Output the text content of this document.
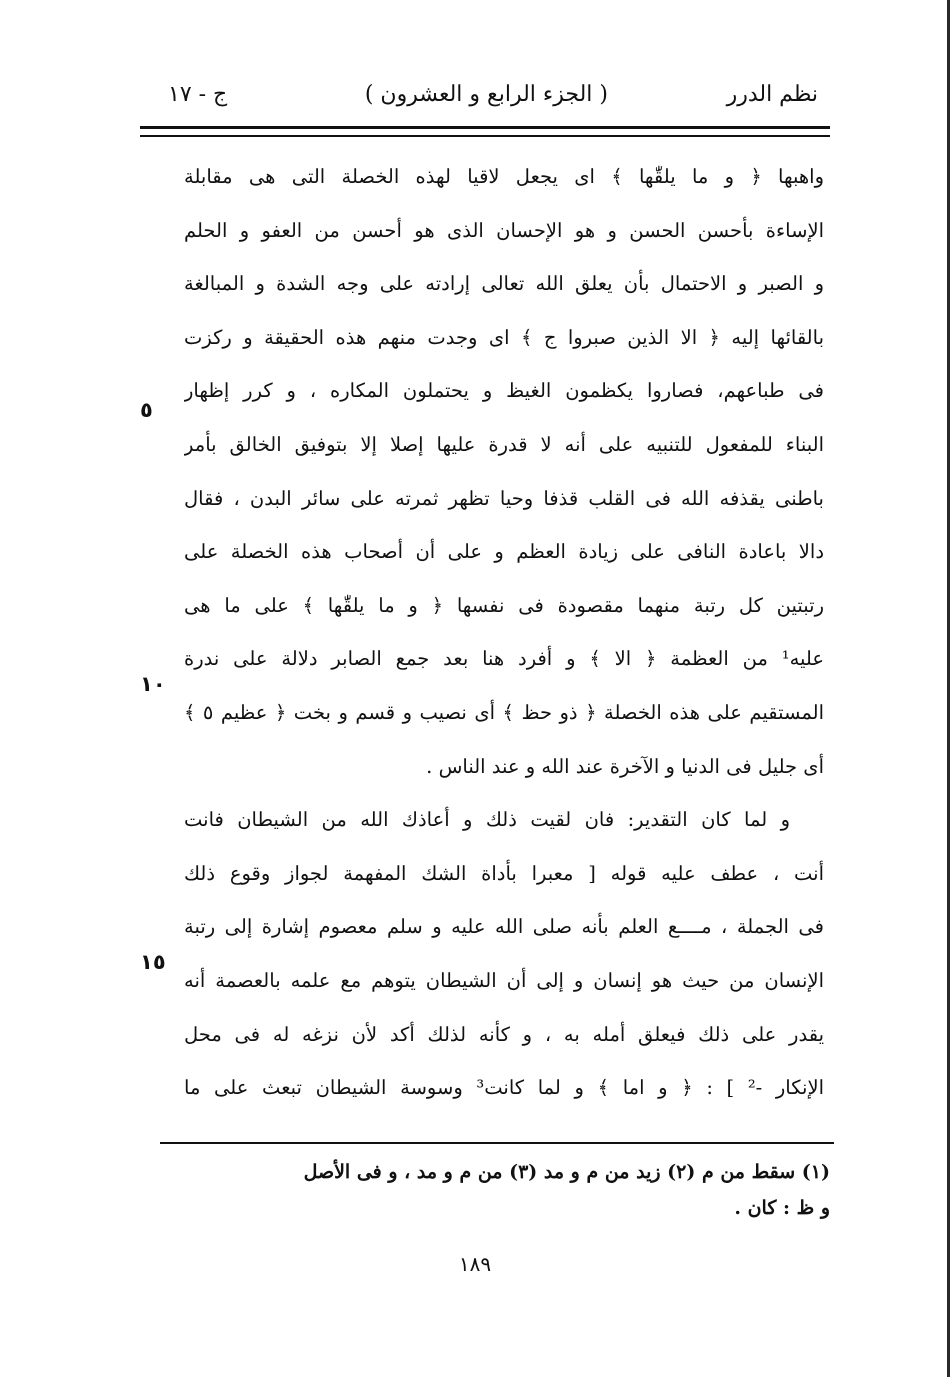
نظم الدرر
( الجزء الرابع و العشرون )
ج - ١٧
واهبها ﴿ و ما يلقّٰها ﴾ اى يجعل لاقيا لهذه الخصلة التى هى مقابلة
الإساءة بأحسن الحسن و هو الإحسان الذى هو أحسن من العفو و الحلم
و الصبر و الاحتمال بأن يعلق الله تعالى إرادته على وجه الشدة و المبالغة
بالقائها إليه ﴿ الا الذين صبروا ج ﴾ اى وجدت منهم هذه الحقيقة و ركزت
فى طباعهم، فصاروا يكظمون الغيظ و يحتملون المكاره ، و كرر إظهار
البناء للمفعول للتنبيه على أنه لا قدرة عليها إصلا إلا بتوفيق الخالق بأمر
باطنى يقذفه الله فى القلب قذفا وحيا تظهر ثمرته على سائر البدن ، فقال
دالا باعادة النافى على زيادة العظم و على أن أصحاب هذه الخصلة على
رتبتين كل رتبة منهما مقصودة فى نفسها ﴿ و ما يلقّٰها ﴾ على ما هى
عليه¹ من العظمة ﴿ الا ﴾ و أفرد هنا بعد جمع الصابر دلالة على ندرة
المستقيم على هذه الخصلة ﴿ ذو حظ ﴾ أى نصيب و قسم و بخت ﴿ عظيم ٥ ﴾
أى جليل فى الدنيا و الآخرة عند الله و عند الناس .
و لما كان التقدير: فان لقيت ذلك و أعاذك الله من الشيطان فانت
أنت ، عطف عليه قوله [ معبرا بأداة الشك المفهمة لجواز وقوع ذلك
فى الجملة ، مــــع العلم بأنه صلى الله عليه و سلم معصوم إشارة إلى رتبة
الإنسان من حيث هو إنسان و إلى أن الشيطان يتوهم مع علمه بالعصمة أنه
يقدر على ذلك فيعلق أمله به ، و كأنه لذلك أكد لأن نزغه له فى محل
الإنكار -² ] : ﴿ و اما ﴾ و لما كانت³ وسوسة الشيطان تبعث على ما
٥
١٠
١٥
(١) سقط من م (٢) زيد من م و مد (٣) من م و مد ، و فى الأصل
و ظ : كان .
١٨٩
